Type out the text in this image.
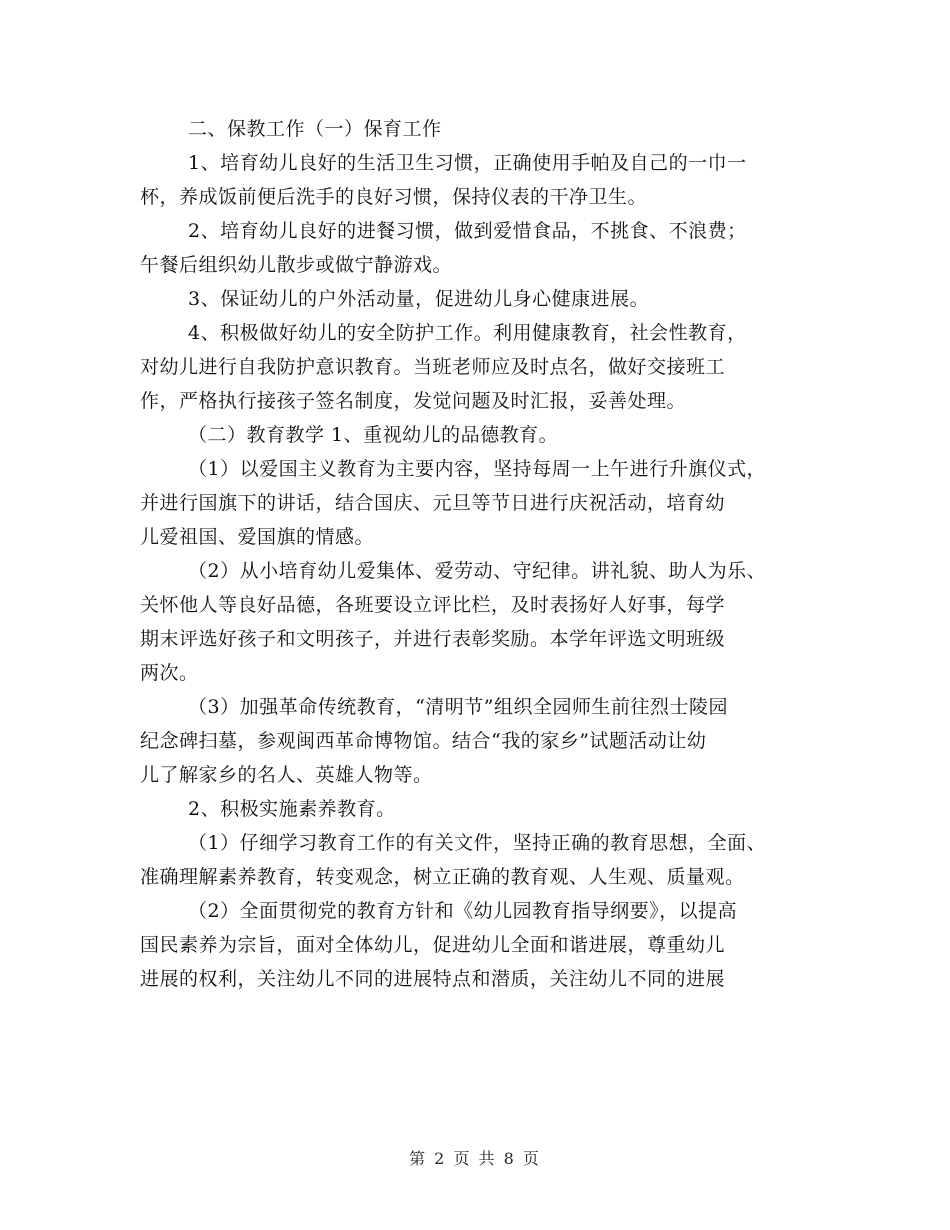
二、保教工作（一）保育工作
1、培育幼儿良好的生活卫生习惯，正确使用手帕及自己的一巾一
杯，养成饭前便后洗手的良好习惯，保持仪表的干净卫生。
2、培育幼儿良好的进餐习惯，做到爱惜食品，不挑食、不浪费；
午餐后组织幼儿散步或做宁静游戏。
3、保证幼儿的户外活动量，促进幼儿身心健康进展。
4、积极做好幼儿的安全防护工作。利用健康教育，社会性教育，
对幼儿进行自我防护意识教育。当班老师应及时点名，做好交接班工
作，严格执行接孩子签名制度，发觉问题及时汇报，妥善处理。
（二）教育教学 1、重视幼儿的品德教育。
（1）以爱国主义教育为主要内容，坚持每周一上午进行升旗仪式，
并进行国旗下的讲话，结合国庆、元旦等节日进行庆祝活动，培育幼
儿爱祖国、爱国旗的情感。
（2）从小培育幼儿爱集体、爱劳动、守纪律。讲礼貌、助人为乐、
关怀他人等良好品德，各班要设立评比栏，及时表扬好人好事，每学
期末评选好孩子和文明孩子，并进行表彰奖励。本学年评选文明班级
两次。
（3）加强革命传统教育，“清明节”组织全园师生前往烈士陵园
纪念碑扫墓，参观闽西革命博物馆。结合“我的家乡”试题活动让幼
儿了解家乡的名人、英雄人物等。
2、积极实施素养教育。
（1）仔细学习教育工作的有关文件，坚持正确的教育思想，全面、
准确理解素养教育，转变观念，树立正确的教育观、人生观、质量观。
（2）全面贯彻党的教育方针和《幼儿园教育指导纲要》，以提高
国民素养为宗旨，面对全体幼儿，促进幼儿全面和谐进展，尊重幼儿
进展的权利，关注幼儿不同的进展特点和潜质，关注幼儿不同的进展
第 2 页 共 8 页
